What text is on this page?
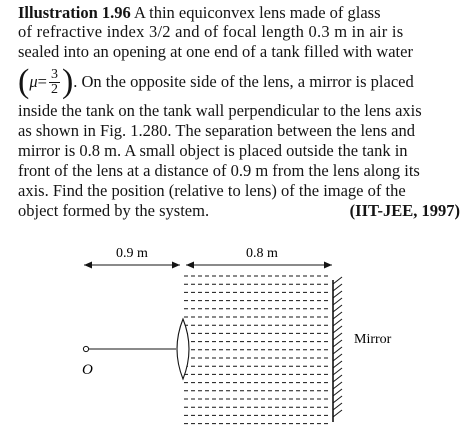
Illustration 1.96 A thin equiconvex lens made of glass
of refractive index 3/2 and of focal length 0.3 m in air is
sealed into an opening at one end of a tank filled with water
($\mu= \frac{3}{2}$ ). On the opposite side of the lens, a mirror is placed
inside the tank on the tank wall perpendicular to the lens axis
as shown in Fig. 1.280. The separation between the lens and
mirror is 0.8 m. A small object is placed outside the tank in
front of the lens at a distance of 0.9 m from the lens along its
axis. Find the position (relative to lens) of the image of the
object formed by the system.	(IIT-JEE, 1997)
0.9 m	0.8 m
Mirror
O
